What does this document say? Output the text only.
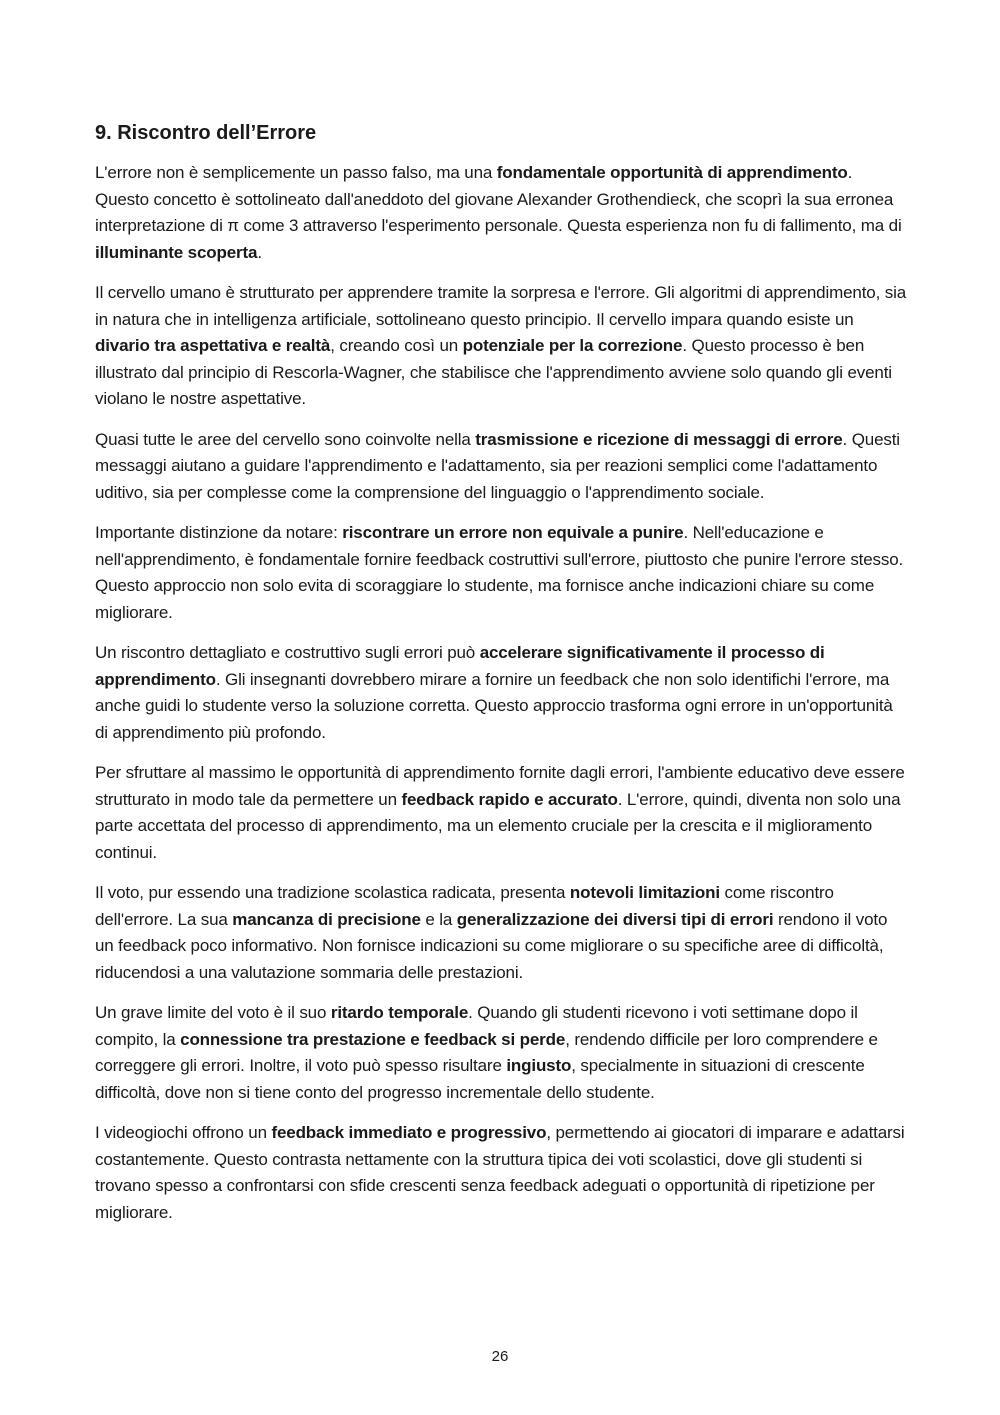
9. Riscontro dell’Errore

L'errore non è semplicemente un passo falso, ma una fondamentale opportunità di apprendimento. Questo concetto è sottolineato dall'aneddoto del giovane Alexander Grothendieck, che scoprì la sua erronea interpretazione di π come 3 attraverso l'esperimento personale. Questa esperienza non fu di fallimento, ma di illuminante scoperta.

Il cervello umano è strutturato per apprendere tramite la sorpresa e l'errore. Gli algoritmi di apprendimento, sia in natura che in intelligenza artificiale, sottolineano questo principio. Il cervello impara quando esiste un divario tra aspettativa e realtà, creando così un potenziale per la correzione. Questo processo è ben illustrato dal principio di Rescorla-Wagner, che stabilisce che l'apprendimento avviene solo quando gli eventi violano le nostre aspettative.

Quasi tutte le aree del cervello sono coinvolte nella trasmissione e ricezione di messaggi di errore. Questi messaggi aiutano a guidare l'apprendimento e l'adattamento, sia per reazioni semplici come l'adattamento uditivo, sia per complesse come la comprensione del linguaggio o l'apprendimento sociale.

Importante distinzione da notare: riscontrare un errore non equivale a punire. Nell'educazione e nell'apprendimento, è fondamentale fornire feedback costruttivi sull'errore, piuttosto che punire l'errore stesso. Questo approccio non solo evita di scoraggiare lo studente, ma fornisce anche indicazioni chiare su come migliorare.

Un riscontro dettagliato e costruttivo sugli errori può accelerare significativamente il processo di apprendimento. Gli insegnanti dovrebbero mirare a fornire un feedback che non solo identifichi l'errore, ma anche guidi lo studente verso la soluzione corretta. Questo approccio trasforma ogni errore in un'opportunità di apprendimento più profondo.

Per sfruttare al massimo le opportunità di apprendimento fornite dagli errori, l'ambiente educativo deve essere strutturato in modo tale da permettere un feedback rapido e accurato. L'errore, quindi, diventa non solo una parte accettata del processo di apprendimento, ma un elemento cruciale per la crescita e il miglioramento continui.

Il voto, pur essendo una tradizione scolastica radicata, presenta notevoli limitazioni come riscontro dell'errore. La sua mancanza di precisione e la generalizzazione dei diversi tipi di errori rendono il voto un feedback poco informativo. Non fornisce indicazioni su come migliorare o su specifiche aree di difficoltà, riducendosi a una valutazione sommaria delle prestazioni.

Un grave limite del voto è il suo ritardo temporale. Quando gli studenti ricevono i voti settimane dopo il compito, la connessione tra prestazione e feedback si perde, rendendo difficile per loro comprendere e correggere gli errori. Inoltre, il voto può spesso risultare ingiusto, specialmente in situazioni di crescente difficoltà, dove non si tiene conto del progresso incrementale dello studente.

I videogiochi offrono un feedback immediato e progressivo, permettendo ai giocatori di imparare e adattarsi costantemente. Questo contrasta nettamente con la struttura tipica dei voti scolastici, dove gli studenti si trovano spesso a confrontarsi con sfide crescenti senza feedback adeguati o opportunità di ripetizione per migliorare.

26
